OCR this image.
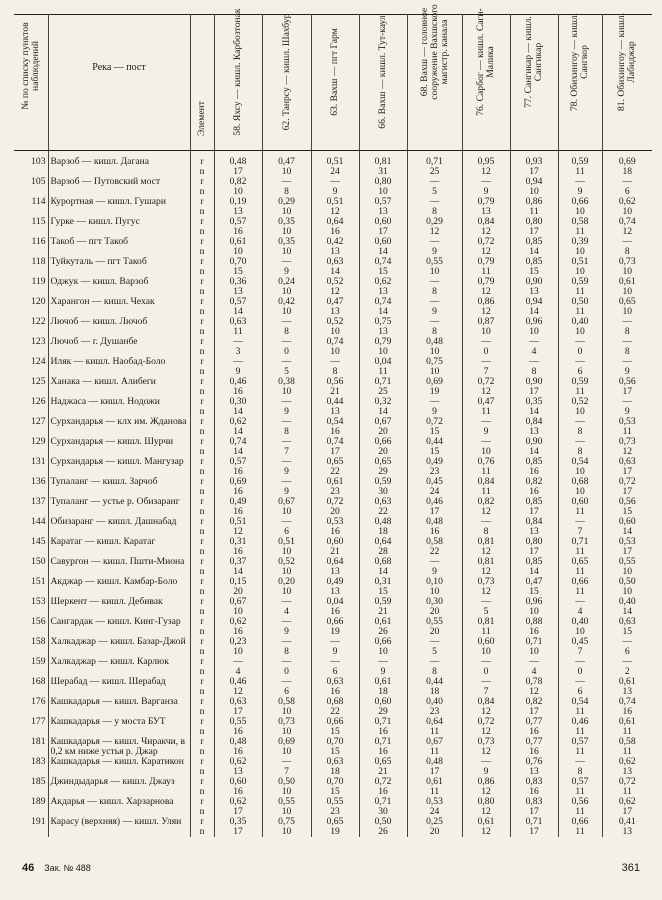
№ по списку пунктов наблюдений	Река — пост	Элемент	58. Яхсу — кишл. Карбозтонак	62. Танрсу — кишл. Шахбур	63. Вахш — пгт Гарм	66. Вахш — кишл. Тут-каул	68. Вахш — головное сооружение Вахшского магистр. канала	76. Сарбог — кишл. Сагн-Малика	77. Сангикар — кишл. Сангикар	78. Обихингоу — кишл. Сангвор	81. Обихингоу — кишл. Лабиджар

103	Варзоб — кишл. Дагана	r	0,48	0,47	0,51	0,81	0,71	0,95	0,93	0,59	0,69
		n	17	10	24	31	25	12	17	11	18
105	Варзоб — Путовский мост	r	0,82	—	—	0,80	—	—	0,94	—	—
		n	10	8	9	10	5	9	10	9	6
114	Курортная — кишл. Гушари	r	0,19	0,29	0,51	0,57	—	0,79	0,86	0,66	0,62
		n	13	10	12	13	8	13	11	10	10
115	Гурке — кишл. Пугус	r	0,57	0,35	0,64	0,60	0,29	0,84	0,80	0,58	0,74
		n	16	10	16	17	12	12	17	11	12
116	Такоб — пгт Такоб	r	0,61	0,35	0,42	0,60	—	0,72	0,85	0,39	—
		n	10	10	13	14	9	12	14	10	8
118	Туйкуталь — пгт Такоб	r	0,70	—	0,63	0,74	0,55	0,79	0,85	0,51	0,73
		n	15	9	14	15	10	11	15	10	10
119	Оджук — кишл. Варзоб	r	0,36	0,24	0,52	0,62	—	0,79	0,90	0,59	0,61
		n	13	10	12	13	8	12	13	11	10
120	Харангон — кишл. Чехак	r	0,57	0,42	0,47	0,74	—	0,86	0,94	0,50	0,65
		n	14	10	13	14	9	12	14	11	10
122	Лючоб — кишл. Лючоб	r	0,63	—	0,52	0,75	—	0,87	0,96	0,40	—
		n	11	8	10	13	8	10	10	10	8
123	Лючоб — г. Душанбе	r	—	—	0,74	0,79	0,48	—	—	—	—
		n	3	0	10	10	10	0	4	0	8
124	Иляк — кишл. Наобад-Боло	r	—	—	—	0,04	0,75	—	—	—	—
		n	9	5	8	11	10	7	8	6	9
125	Ханака — кишл. Алибеги	r	0,46	0,38	0,56	0,71	0,69	0,72	0,90	0,59	0,56
		n	16	10	21	25	19	12	17	11	17
126	Наджаса — кишл. Нодожи	r	0,30	—	0,44	0,32	—	0,47	0,35	0,52	—
		n	14	9	13	14	9	11	14	10	9
127	Сурхандарья — клх им. Жданова	r	0,62	—	0,54	0,67	0,72	—	0,84	—	0,53
		n	14	8	16	20	15	9	13	8	11
129	Сурхандарья — кишл. Шурчи	r	0,74	—	0,74	0,66	0,44	—	0,90	—	0,73
		n	14	7	17	20	15	10	14	8	12
131	Сурхандарья — кишл. Мангузар	r	0,57	—	0,65	0,65	0,49	0,76	0,85	0,54	0,63
		n	16	9	22	29	23	11	16	10	17
136	Тупаланг — кишл. Зарчоб	r	0,69	—	0,61	0,59	0,45	0,84	0,82	0,68	0,72
		n	16	9	23	30	24	11	16	10	17
137	Тупаланг — устье р. Обизаранг	r	0,49	0,67	0,72	0,63	0,46	0,82	0,85	0,60	0,56
		n	16	10	20	22	17	12	17	11	15
144	Обизаранг — кишл. Дашнабад	r	0,51	—	0,53	0,48	0,48	—	0,84	—	0,60
		n	12	6	16	18	16	8	13	7	14
145	Каратаг — кишл. Каратаг	r	0,31	0,51	0,60	0,64	0,58	0,81	0,80	0,71	0,53
		n	16	10	21	28	22	12	17	11	17
150	Савургон — кишл. Пшти-Миона	r	0,37	0,52	0,64	0,68	—	0,81	0,85	0,65	0,55
		n	14	10	13	14	9	12	14	11	10
151	Акджар — кишл. Камбар-Боло	r	0,15	0,20	0,49	0,31	0,10	0,73	0,47	0,66	0,50
		n	20	10	13	15	10	12	15	11	10
153	Шеркент — кишл. Дебивак	r	0,67	—	0,04	0,59	0,30	—	0,96	—	0,40
		n	10	4	16	21	20	5	10	4	14
156	Сангардак — кишл. Кинг-Гузар	r	0,62	—	0,66	0,61	0,55	0,81	0,88	0,40	0,63
		n	16	9	19	26	20	11	16	10	15
158	Халкаджар — кишл. Базар-Джой	r	0,23	—	—	0,66	—	0,60	0,71	0,45	—
		n	10	8	9	10	5	10	10	7	6
159	Халкаджар — кишл. Карлюк	r	—	—	—	—	—	—	—	—	—
		n	4	0	6	9	8	0	4	0	2
168	Шерабад — кишл. Шерабад	r	0,46	—	0,63	0,61	0,44	—	0,78	—	0,61
		n	12	6	16	18	18	7	12	6	13
176	Кашкадарья — кишл. Варганза	r	0,63	0,58	0,68	0,60	0,40	0,84	0,82	0,54	0,74
		n	17	10	22	29	23	12	17	11	16
177	Кашкадарья — у моста БУТ	r	0,55	0,73	0,66	0,71	0,64	0,72	0,77	0,46	0,61
		n	16	10	15	16	11	12	16	11	11
181	Кашкадарья — кишл. Чиракчи, в 0,2 км ниже устья р. Джар	r	0,48	0,69	0,70	0,71	0,67	0,73	0,77	0,57	0,58
		n	16	10	15	16	11	12	16	11	11
183	Кашкадарья — кишл. Каратикон	r	0,62	—	0,63	0,65	0,48	—	0,76	—	0,62
		n	13	7	18	21	17	9	13	8	13
185	Джиндыдарья — кишл. Джауз	r	0,60	0,50	0,70	0,72	0,61	0,86	0,83	0,57	0,72
		n	16	10	15	16	11	12	16	11	11
189	Акдарья — кишл. Харзарнова	r	0,62	0,55	0,55	0,71	0,53	0,80	0,83	0,56	0,62
		n	17	10	23	30	24	12	17	11	17
191	Карасу (верхняя) — кишл. Уляи	r	0,35	0,75	0,65	0,50	0,25	0,61	0,71	0,66	0,41
		n	17	10	19	26	20	12	17	11	13
46 Зак. № 488	361
